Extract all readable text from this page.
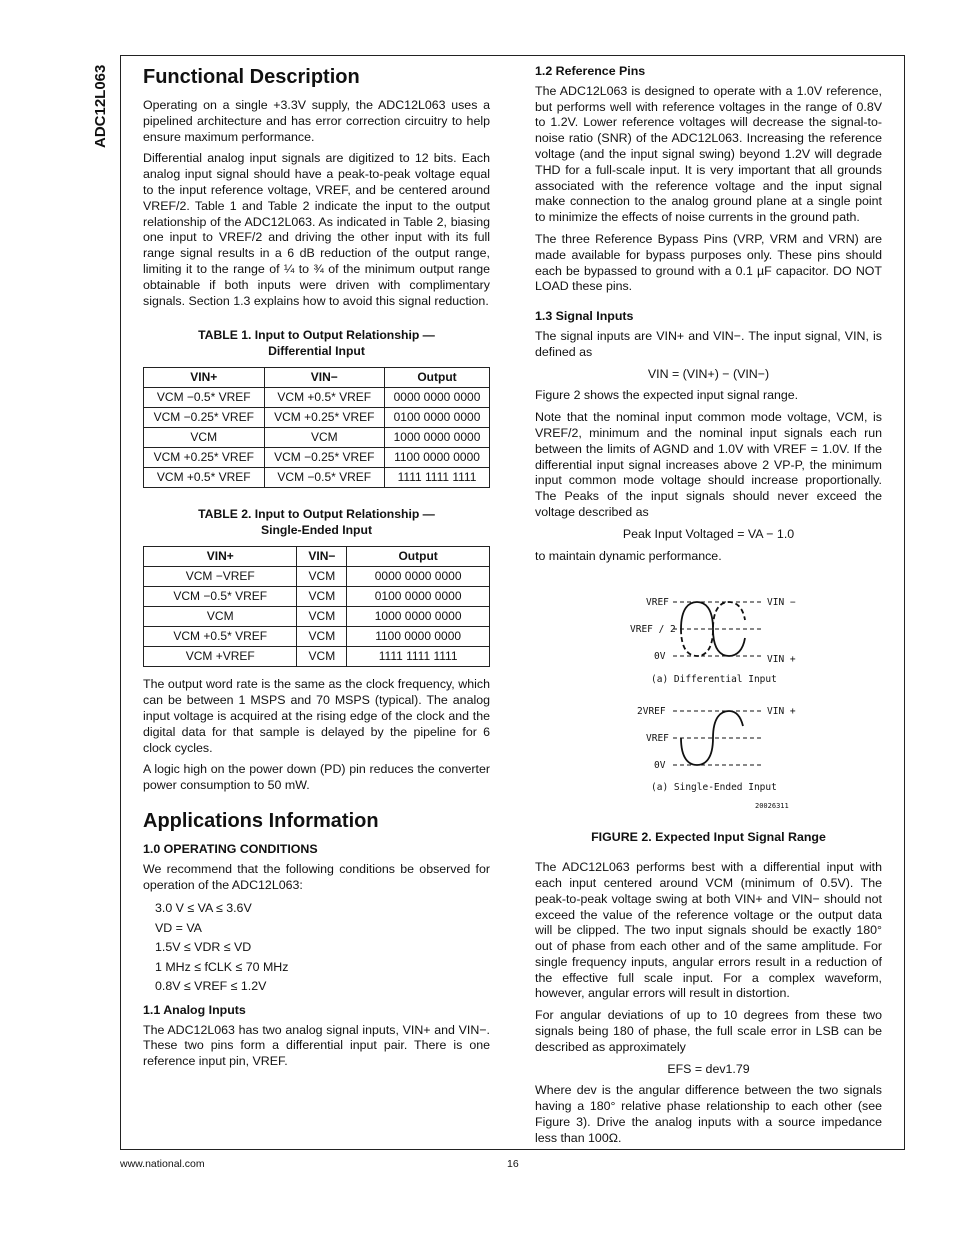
ADC12L063 Functional Description

Operating on a single +3.3V supply, the ADC12L063 uses a pipelined architecture and has error correction circuitry to help ensure maximum performance.

Differential analog input signals are digitized to 12 bits. Each analog input signal should have a peak-to-peak voltage equal to the input reference voltage, VREF, and be centered around VREF/2. Table 1 and Table 2 indicate the input to the output relationship of the ADC12L063. As indicated in Table 2, biasing one input to VREF/2 and driving the other input with its full range signal results in a 6 dB reduction of the output range, limiting it to the range of ¼ to ¾ of the minimum output range obtainable if both inputs were driven with complimentary signals. Section 1.3 explains how to avoid this signal reduction.

TABLE 1. Input to Output Relationship —
Differential Input
VIN+	VIN−	Output
VCM −0.5* VREF	VCM +0.5* VREF	0000 0000 0000
VCM −0.25* VREF	VCM +0.25* VREF	0100 0000 0000
VCM	VCM	1000 0000 0000
VCM +0.25* VREF	VCM −0.25* VREF	1100 0000 0000
VCM +0.5* VREF	VCM −0.5* VREF	1111 1111 1111
TABLE 2. Input to Output Relationship —
Single-Ended Input
VIN+	VIN−	Output
VCM −VREF	VCM	0000 0000 0000
VCM −0.5* VREF	VCM	0100 0000 0000
VCM	VCM	1000 0000 0000
VCM +0.5* VREF	VCM	1100 0000 0000
VCM +VREF	VCM	1111 1111 1111

The output word rate is the same as the clock frequency, which can be between 1 MSPS and 70 MSPS (typical). The analog input voltage is acquired at the rising edge of the clock and the digital data for that sample is delayed by the pipeline for 6 clock cycles.

A logic high on the power down (PD) pin reduces the converter power consumption to 50 mW.

Applications Information
1.0 OPERATING CONDITIONS

We recommend that the following conditions be observed for operation of the ADC12L063:

3.0 V ≤ VA ≤ 3.6V
VD = VA
1.5V ≤ VDR ≤ VD
1 MHz ≤ fCLK ≤ 70 MHz
0.8V ≤ VREF ≤ 1.2V
1.1 Analog Inputs

The ADC12L063 has two analog signal inputs, VIN+ and VIN−. These two pins form a differential input pair. There is one reference input pin, VREF.

1.2 Reference Pins

The ADC12L063 is designed to operate with a 1.0V reference, but performs well with reference voltages in the range of 0.8V to 1.2V. Lower reference voltages will decrease the signal-to-noise ratio (SNR) of the ADC12L063. Increasing the reference voltage (and the input signal swing) beyond 1.2V will degrade THD for a full-scale input. It is very important that all grounds associated with the reference voltage and the input signal make connection to the analog ground plane at a single point to minimize the effects of noise currents in the ground path.

The three Reference Bypass Pins (VRP, VRM and VRN) are made available for bypass purposes only. These pins should each be bypassed to ground with a 0.1 µF capacitor. DO NOT LOAD these pins.

1.3 Signal Inputs

The signal inputs are VIN+ and VIN−. The input signal, VIN, is defined as

VIN = (VIN+) − (VIN−)

Figure 2 shows the expected input signal range.

Note that the nominal input common mode voltage, VCM, is VREF/2, minimum and the nominal input signals each run between the limits of AGND and 1.0V with VREF = 1.0V. If the differential input signal increases above 2 VP-P, the minimum input common mode voltage should increase proportionally. The Peaks of the input signals should never exceed the voltage described as

Peak Input Voltaged = VA − 1.0

to maintain dynamic performance.

VREF
VREF / 2
0V
VIN −
VIN +
(a) Differential Input
2VREF
VREF
0V
VIN +
(a) Single-Ended Input
20026311
FIGURE 2. Expected Input Signal Range

The ADC12L063 performs best with a differential input with each input centered around VCM (minimum of 0.5V). The peak-to-peak voltage swing at both VIN+ and VIN− should not exceed the value of the reference voltage or the output data will be clipped. The two input signals should be exactly 180° out of phase from each other and of the same amplitude. For single frequency inputs, angular errors result in a reduction of the effective full scale input. For a complex waveform, however, angular errors will result in distortion.

For angular deviations of up to 10 degrees from these two signals being 180 of phase, the full scale error in LSB can be described as approximately

EFS = dev1.79

Where dev is the angular difference between the two signals having a 180° relative phase relationship to each other (see Figure 3). Drive the analog inputs with a source impedance less than 100Ω.

www.national.com	16
